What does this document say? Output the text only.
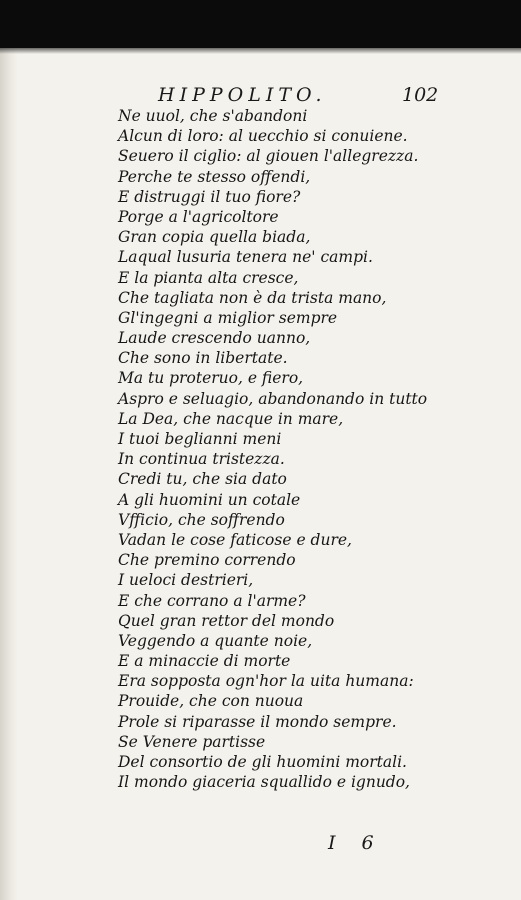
HIPPOLITO.	102
Ne uuol, che s'abandoni
Alcun di loro: al uecchio si conuiene.
Seuero il ciglio: al giouen l'allegrezza.
Perche te stesso offendi,
E distruggi il tuo fiore?
Porge a l'agricoltore
Gran copia quella biada,
Laqual lusuria tenera ne' campi.
E la pianta alta cresce,
Che tagliata non è da trista mano,
Gl'ingegni a miglior sempre
Laude crescendo uanno,
Che sono in libertate.
Ma tu proteruo, e fiero,
Aspro e seluagio, abandonando in tutto
La Dea, che nacque in mare,
I tuoi beglianni meni
In continua tristezza.
Credi tu, che sia dato
A gli huomini un cotale
Vfficio, che soffrendo
Vadan le cose faticose e dure,
Che premino correndo
I ueloci destrieri,
E che corrano a l'arme?
Quel gran rettor del mondo
Veggendo a quante noie,
E a minaccie di morte
Era sopposta ogn'hor la uita humana:
Prouide, che con nuoua
Prole si riparasse il mondo sempre.
Se Venere partisse
Del consortio de gli huomini mortali.
Il mondo giaceria squallido e ignudo,
I 6
